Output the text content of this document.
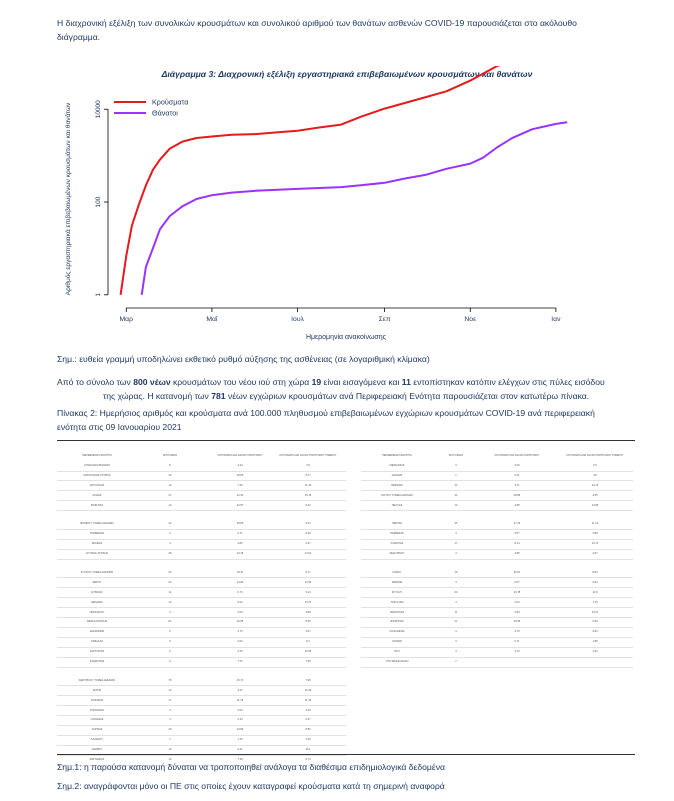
Η διαχρονική εξέλιξη των συνολικών κρουσμάτων και συνολικού αριθμού των θανάτων ασθενών COVID-19 παρουσιάζεται στο ακόλουθο
διάγραμμα.
Διάγραμμα 3: Διαχρονική εξέλιξη εργαστηριακά επιβεβαιωμένων κρουσμάτων και θανάτων
1
100
10000
Μαρ	Μαΐ	Ιουλ	Σεπ	Νοε	Ιαν
Ημερομηνία ανακοίνωσης
Αριθμός εργαστηριακά επιβεβαιωμένων κρουσμάτων και θανάτων
Κρούσματα
Θάνατοι
Σημ.: ευθεία γραμμή υποδηλώνει εκθετικό ρυθμό αύξησης της ασθένειας (σε λογαριθμική κλίμακα)
Από το σύνολο των 800 νέων κρουσμάτων του νέου ιού στη χώρα 19 είναι εισαγόμενα και 11 εντοπίστηκαν κατόπιν ελέγχων στις πύλες εισόδου
της χώρας. Η κατανομή των 781 νέων εγχώριων κρουσμάτων ανά Περιφερειακή Ενότητα παρουσιάζεται στον κατωτέρω πίνακα.
Πίνακας 2: Ημερήσιος αριθμός και κρούσματα ανά 100.000 πληθυσμού επιβεβαιωμένων εγχώριων κρουσμάτων COVID-19 ανά περιφερειακή
ενότητα στις 09 Ιανουαρίου 2021
ΠΕΡΙΦΕΡΕΙΑΚΗ ΕΝΟΤΗΤΑ	ΚΡΟΥΣΜΑΤΑ	ΚΡΟΥΣΜΑΤΑ ΑΝΑ 100.000 ΠΛΗΘΥΣΜΟΥ	ΚΡΟΥΣΜΑΤΑ ΑΝΑ 100.000 ΠΛΗΘΥΣΜΟΥ 7ΗΜΕΡΟΥ	ΠΕΡΙΦΕΡΕΙΑΚΗ ΕΝΟΤΗΤΑ	ΚΡΟΥΣΜΑΤΑ	ΚΡΟΥΣΜΑΤΑ ΑΝΑ 100.000 ΠΛΗΘΥΣΜΟΥ	ΚΡΟΥΣΜΑΤΑ ΑΝΑ 100.000 ΠΛΗΘΥΣΜΟΥ 7ΗΜΕΡΟΥ
ΑΙΤΩΛΟΑΚΑΡΝΑΝΙΑΣ	8	4.44	3.6
ΑΝΑΤΟΛΙΚΗΣ ΑΤΤΙΚΗΣ	29	18.86	8.77
ΑΡΓΟΛΙΔΑΣ	14	7.29	11.36
ΑΧΑΪΑΣ	27	12.33	15.15
ΒΟΙΩΤΙΑΣ	14	12.57	9.33
ΒΟΡΕΙΟΥ ΤΟΜΕΑ ΑΘΗΝΩΝ	24	38.86	9.44
ΓΡΕΒΕΝΩΝ	3	6.71	9.45
ΔΡΑΜΑΣ	4	3.83	4.37
ΔΥΤΙΚΗΣ ΑΤΤΙΚΗΣ	28	16.18	13.51
ΔΥΤΙΚΟΥ ΤΟΜΕΑ ΑΘΗΝΩΝ	24	18.37	8.17
ΕΒΡΟΥ	20	14.96	13.32
ΕΥΒΟΙΑΣ	14	6.74	5.24
ΗΜΑΘΙΑΣ	13	9.64	13.74
ΗΡΑΚΛΕΙΟΥ	3	1.00	3.88
ΘΕΣΣΑΛΟΝΙΚΗΣ	84	26.08	8.35
ΙΩΑΝΝΙΝΩΝ	6	3.75	3.67
ΚΑΒΑΛΑΣ	6	4.63	8.1
ΚΑΣΤΟΡΙΑΣ	6	3.20	13.08
ΚΑΤΕΡΙΝΗΣ	9	7.76	7.35
ΚΕΝΤΡΙΚΟΥ ΤΟΜΕΑ ΑΘΗΝΩΝ	78	15.74	7.98
ΚΙΛΚΙΣ	14	3.37	10.49
ΚΟΖΑΝΗΣ	17	11.75	11.33
ΚΟΡΙΝΘΙΑΣ	3	3.63	4.36
ΛΑΚΩΝΙΑΣ	3	2.34	3.37
ΛΑΡΙΣΑΣ	29	16.89	8.86
ΛΑΣΙΘΙΟΥ	1	1.33	1.50
ΛΕΣΒΟΥ	14	6.41	10.1
ΜΑΓΝΗΣΙΑΣ	14	7.38	8.74
ΜΕΣΣΗΝΙΑΣ	3	2.09	2.5
ΞΑΝΘΗΣ	1	0.41	4.8
ΠΕΙΡΑΙΩΣ	11	3.71	10.73
ΝΟΤΙΟΥ ΤΟΜΕΑ ΑΘΗΝΩΝ	41	08.89	4.55
ΠΕΛΛΑΣ	14	4.88	12.86
ΠΙΕΡΙΑΣ	35	27.25	11.14
ΠΡΕΒΕΖΑΣ	4	5.57	2.88
ΡΟΔΟΠΗΣ	17	8.14	15.74
ΡΕΘΥΜΝΟΥ	4	4.88	4.67
ΣΑΜΟΥ	19	36.97	8.93
ΣΕΡΡΩΝ	3	0.57	3.93
ΣΚΥΛΟΥ	24	13.78	13.9
ΤΡΙΚΑΛΩΝ	3	2.03	7.16
ΦΘΙΩΤΙΔΑΣ	11	0.84	12.07
ΦΛΩΡΙΝΑΣ	21	29.56	9.48
ΧΑΛΚΙΔΙΚΗΣ	3	3.75	3.83
ΧΑΝΙΩΝ	3	0.71	1.88
ΧΙΟΥ	3	3.73	1.92
ΥΠΟ ΔΙΕΡΕΥΝΗΣΗ	7
Σημ.1: η παρούσα κατανομή δύναται να τροποποιηθεί ανάλογα τα διαθέσιμα επιδημιολογικά δεδομένα
Σημ.2: αναγράφονται μόνο οι ΠΕ στις οποίες έχουν καταγραφεί κρούσματα κατά τη σημερινή αναφορά
